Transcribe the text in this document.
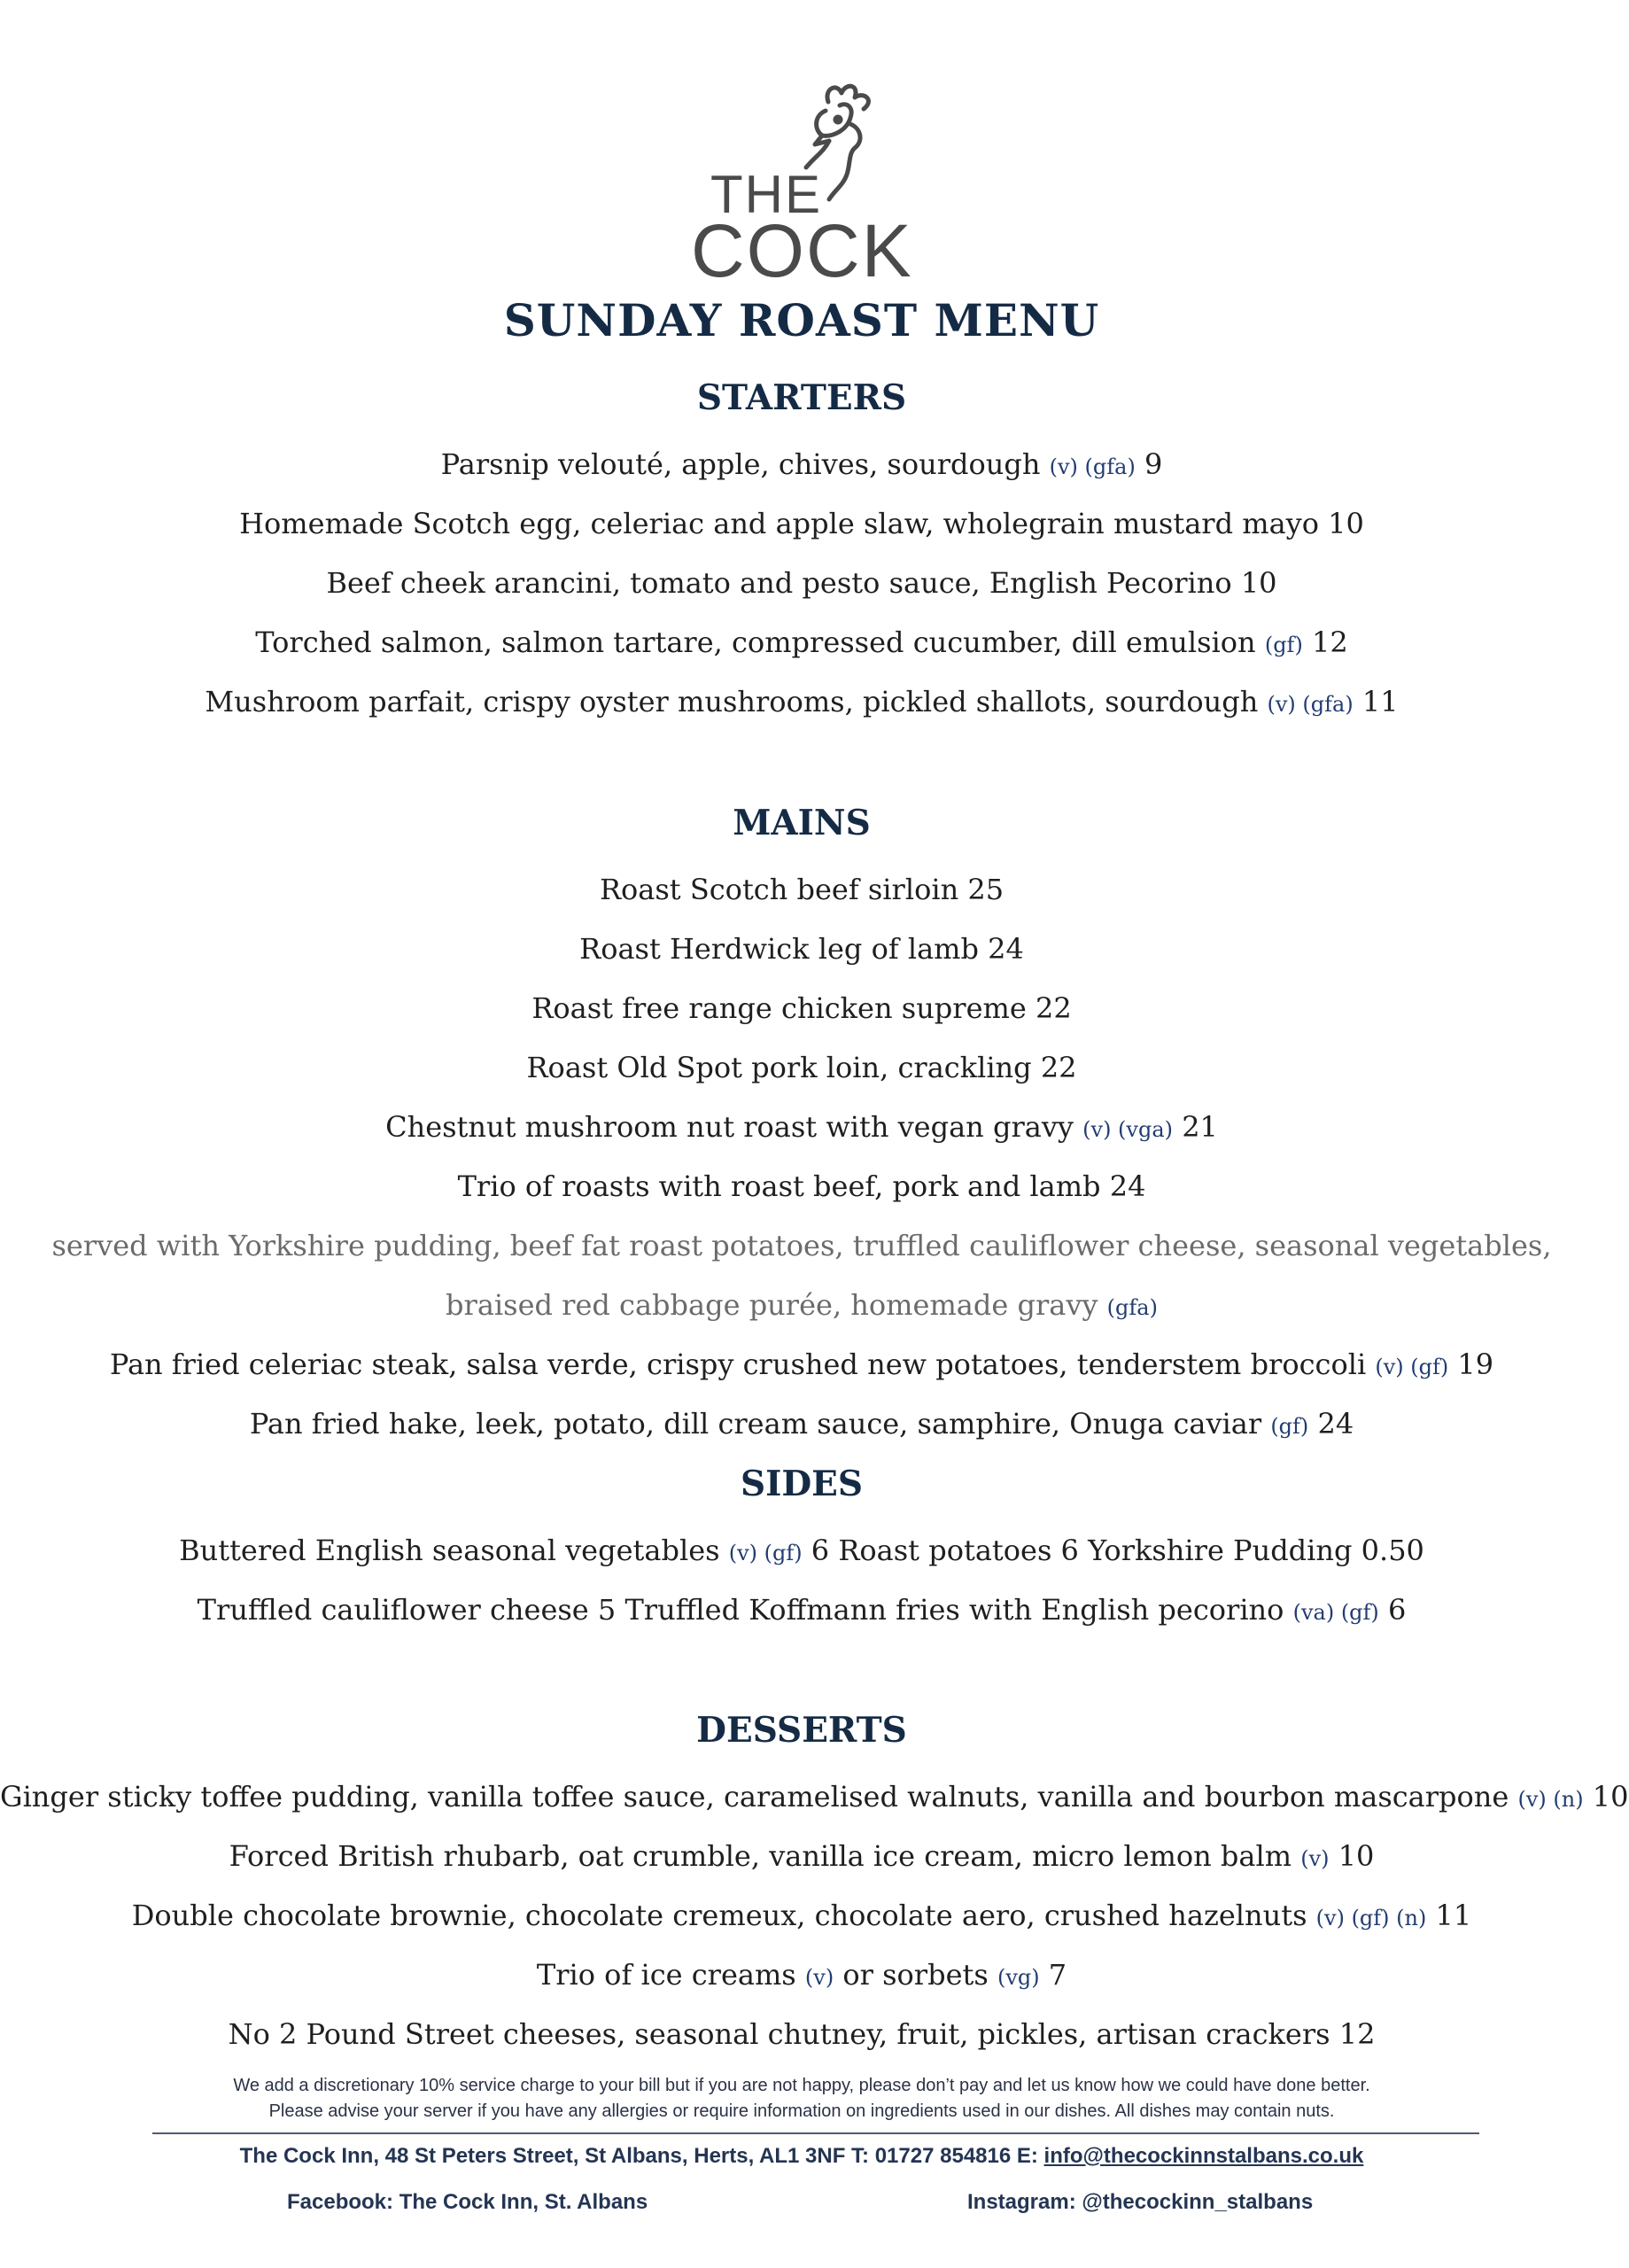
THE
COCK
SUNDAY ROAST MENU
STARTERS
Parsnip velouté, apple, chives, sourdough (v) (gfa) 9
Homemade Scotch egg, celeriac and apple slaw, wholegrain mustard mayo 10
Beef cheek arancini, tomato and pesto sauce, English Pecorino 10
Torched salmon, salmon tartare, compressed cucumber, dill emulsion (gf) 12
Mushroom parfait, crispy oyster mushrooms, pickled shallots, sourdough (v) (gfa) 11
MAINS
Roast Scotch beef sirloin 25
Roast Herdwick leg of lamb 24
Roast free range chicken supreme 22
Roast Old Spot pork loin, crackling 22
Chestnut mushroom nut roast with vegan gravy (v) (vga) 21
Trio of roasts with roast beef, pork and lamb 24
served with Yorkshire pudding, beef fat roast potatoes, truffled cauliflower cheese, seasonal vegetables,
braised red cabbage purée, homemade gravy (gfa)
Pan fried celeriac steak, salsa verde, crispy crushed new potatoes, tenderstem broccoli (v) (gf) 19
Pan fried hake, leek, potato, dill cream sauce, samphire, Onuga caviar (gf) 24
SIDES
Buttered English seasonal vegetables (v) (gf) 6 Roast potatoes 6 Yorkshire Pudding 0.50
Truffled cauliflower cheese 5 Truffled Koffmann fries with English pecorino (va) (gf) 6
DESSERTS
Ginger sticky toffee pudding, vanilla toffee sauce, caramelised walnuts, vanilla and bourbon mascarpone (v) (n) 10
Forced British rhubarb, oat crumble, vanilla ice cream, micro lemon balm (v) 10
Double chocolate brownie, chocolate cremeux, chocolate aero, crushed hazelnuts (v) (gf) (n) 11
Trio of ice creams (v) or sorbets (vg) 7
No 2 Pound Street cheeses, seasonal chutney, fruit, pickles, artisan crackers 12
We add a discretionary 10% service charge to your bill but if you are not happy, please don’t pay and let us know how we could have done better.
Please advise your server if you have any allergies or require information on ingredients used in our dishes. All dishes may contain nuts.
The Cock Inn, 48 St Peters Street, St Albans, Herts, AL1 3NF T: 01727 854816 E: info@thecockinnstalbans.co.uk
Facebook: The Cock Inn, St. Albans	Instagram: @thecockinn_stalbans
